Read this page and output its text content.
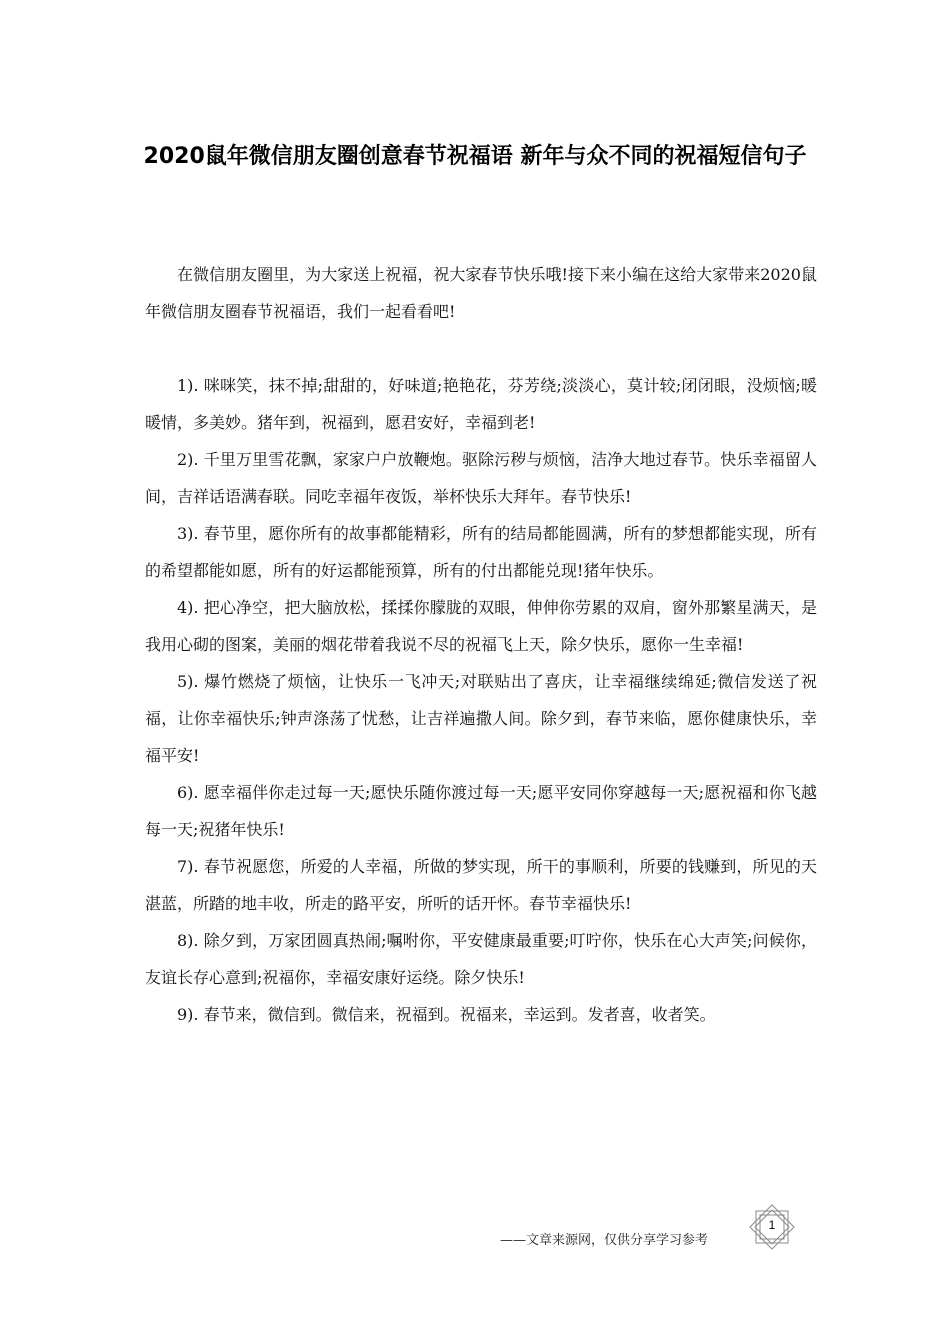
2020鼠年微信朋友圈创意春节祝福语 新年与众不同的祝福短信句子

在微信朋友圈里，为大家送上祝福，祝大家春节快乐哦!接下来小编在这给大家带来2020鼠年微信朋友圈春节祝福语，我们一起看看吧!

1). 咪咪笑，抹不掉;甜甜的，好味道;艳艳花，芬芳绕;淡淡心，莫计较;闭闭眼，没烦恼;暖暖情，多美妙。猪年到，祝福到，愿君安好，幸福到老!

2). 千里万里雪花飘，家家户户放鞭炮。驱除污秽与烦恼，洁净大地过春节。快乐幸福留人间，吉祥话语满春联。同吃幸福年夜饭，举杯快乐大拜年。春节快乐!

3). 春节里，愿你所有的故事都能精彩，所有的结局都能圆满，所有的梦想都能实现，所有的希望都能如愿，所有的好运都能预算，所有的付出都能兑现!猪年快乐。

4). 把心净空，把大脑放松，揉揉你朦胧的双眼，伸伸你劳累的双肩，窗外那繁星满天，是我用心砌的图案，美丽的烟花带着我说不尽的祝福飞上天，除夕快乐，愿你一生幸福!

5). 爆竹燃烧了烦恼，让快乐一飞冲天;对联贴出了喜庆，让幸福继续绵延;微信发送了祝福，让你幸福快乐;钟声涤荡了忧愁，让吉祥遍撒人间。除夕到，春节来临，愿你健康快乐，幸福平安!

6). 愿幸福伴你走过每一天;愿快乐随你渡过每一天;愿平安同你穿越每一天;愿祝福和你飞越每一天;祝猪年快乐!

7). 春节祝愿您，所爱的人幸福，所做的梦实现，所干的事顺利，所要的钱赚到，所见的天湛蓝，所踏的地丰收，所走的路平安，所听的话开怀。春节幸福快乐!

8). 除夕到，万家团圆真热闹;嘱咐你，平安健康最重要;叮咛你，快乐在心大声笑;问候你，友谊长存心意到;祝福你，幸福安康好运绕。除夕快乐!

9). 春节来，微信到。微信来，祝福到。祝福来，幸运到。发者喜，收者笑。

——文章来源网，仅供分享学习参考
1
